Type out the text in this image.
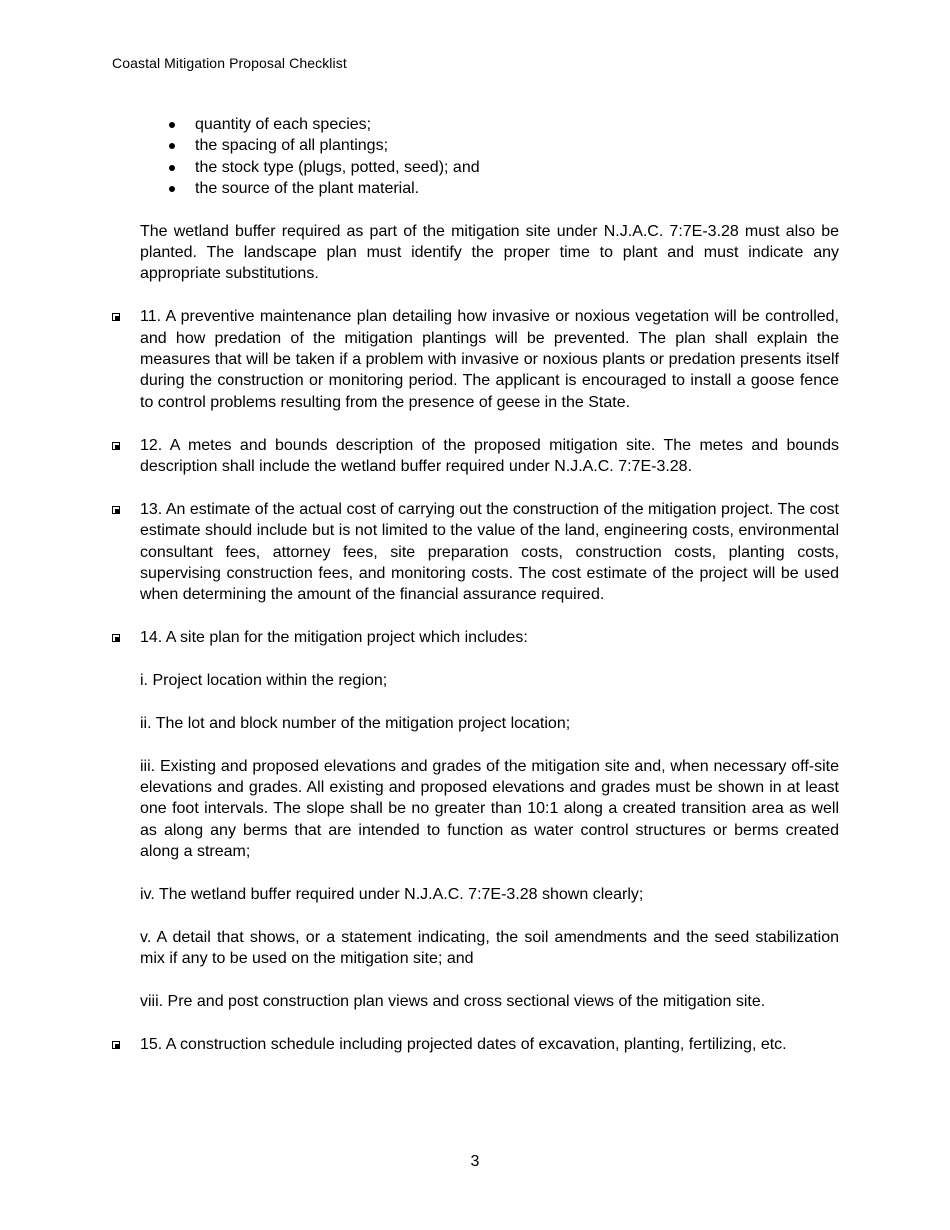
Coastal Mitigation Proposal Checklist
quantity of each species;
the spacing of all plantings;
the stock type (plugs, potted, seed); and
the source of the plant material.

The wetland buffer required as part of the mitigation site under N.J.A.C. 7:7E-3.28 must also be planted. The landscape plan must identify the proper time to plant and must indicate any appropriate substitutions.

11. A preventive maintenance plan detailing how invasive or noxious vegetation will be controlled, and how predation of the mitigation plantings will be prevented. The plan shall explain the measures that will be taken if a problem with invasive or noxious plants or predation presents itself during the construction or monitoring period. The applicant is encouraged to install a goose fence to control problems resulting from the presence of geese in the State.
12. A metes and bounds description of the proposed mitigation site. The metes and bounds description shall include the wetland buffer required under N.J.A.C. 7:7E-3.28.
13. An estimate of the actual cost of carrying out the construction of the mitigation project. The cost estimate should include but is not limited to the value of the land, engineering costs, environmental consultant fees, attorney fees, site preparation costs, construction costs, planting costs, supervising construction fees, and monitoring costs. The cost estimate of the project will be used when determining the amount of the financial assurance required.
14. A site plan for the mitigation project which includes:

i. Project location within the region;

ii. The lot and block number of the mitigation project location;

iii. Existing and proposed elevations and grades of the mitigation site and, when necessary off-site elevations and grades. All existing and proposed elevations and grades must be shown in at least one foot intervals. The slope shall be no greater than 10:1 along a created transition area as well as along any berms that are intended to function as water control structures or berms created along a stream;

iv. The wetland buffer required under N.J.A.C. 7:7E-3.28 shown clearly;

v. A detail that shows, or a statement indicating, the soil amendments and the seed stabilization mix if any to be used on the mitigation site; and

viii. Pre and post construction plan views and cross sectional views of the mitigation site.

15. A construction schedule including projected dates of excavation, planting, fertilizing, etc.
3
